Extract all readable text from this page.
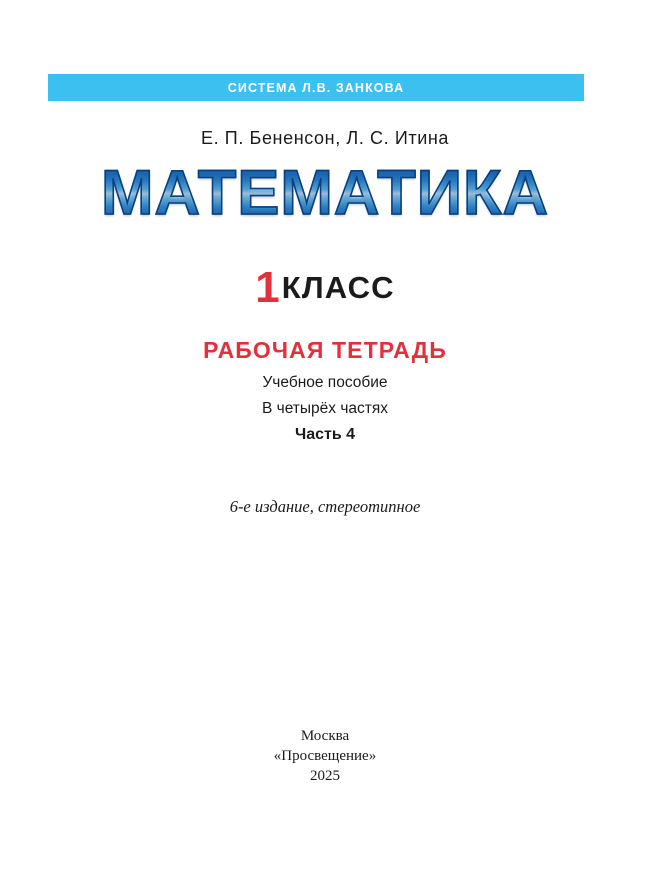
СИСТЕМА Л.В. ЗАНКОВА
Е. П. Бененсон, Л. С. Итина
МАТЕМАТИКА
1КЛАСС
РАБОЧАЯ ТЕТРАДЬ
Учебное пособие
В четырёх частях
Часть 4
6-е издание, стереотипное
Москва
«Просвещение»
2025
